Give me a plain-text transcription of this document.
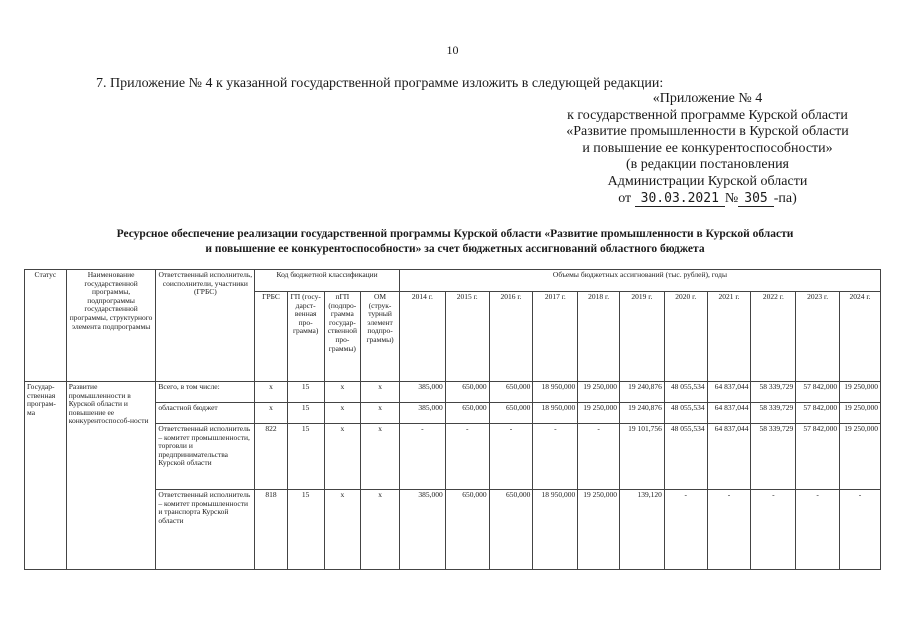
10
7. Приложение № 4 к указанной государственной программе изложить в следующей редакции:
«Приложение № 4
к государственной программе Курской области
«Развитие промышленности в Курской области
и повышение ее конкурентоспособности»
(в редакции постановления
Администрации Курской области
от 30.03.2021 № 305 -па)
Ресурсное обеспечение реализации государственной программы Курской области «Развитие промышленности в Курской области
и повышение ее конкурентоспособности» за счет бюджетных ассигнований областного бюджета
Статус	Наименование государственной программы, подпрограммы государственной программы, структурного элемента подпрограммы	Ответственный исполнитель, соисполнители, участники (ГРБС)	Код бюджетной классификации				Объемы бюджетных ассигнований (тыс. рублей), годы										
			ГРБС	ГП (госу-дарст-венная про-грамма)	пГП (подпро-грамма государ-ственной про-граммы)	ОМ (струк-турный элемент подпро-граммы)	2014 г.	2015 г.	2016 г.	2017 г.	2018 г.	2019 г.	2020 г.	2021 г.	2022 г.	2023 г.	2024 г.
Государ-ственная програм-ма	Развитие промышленности в Курской области и повышение ее конкурентоспособ-ности	Всего, в том числе:	х	15	х	х	385,000	650,000	650,000	18 950,000	19 250,000	19 240,876	48 055,534	64 837,044	58 339,729	57 842,000	19 250,000
		областной бюджет	х	15	х	х	385,000	650,000	650,000	18 950,000	19 250,000	19 240,876	48 055,534	64 837,044	58 339,729	57 842,000	19 250,000
		Ответственный исполнитель – комитет промышленности, торговли и предпринимательства Курской области	822	15	х	х	-	-	-	-	-	19 101,756	48 055,534	64 837,044	58 339,729	57 842,000	19 250,000
		Ответственный исполнитель – комитет промышленности и транспорта Курской области	818	15	х	х	385,000	650,000	650,000	18 950,000	19 250,000	139,120	-	-	-	-	-
